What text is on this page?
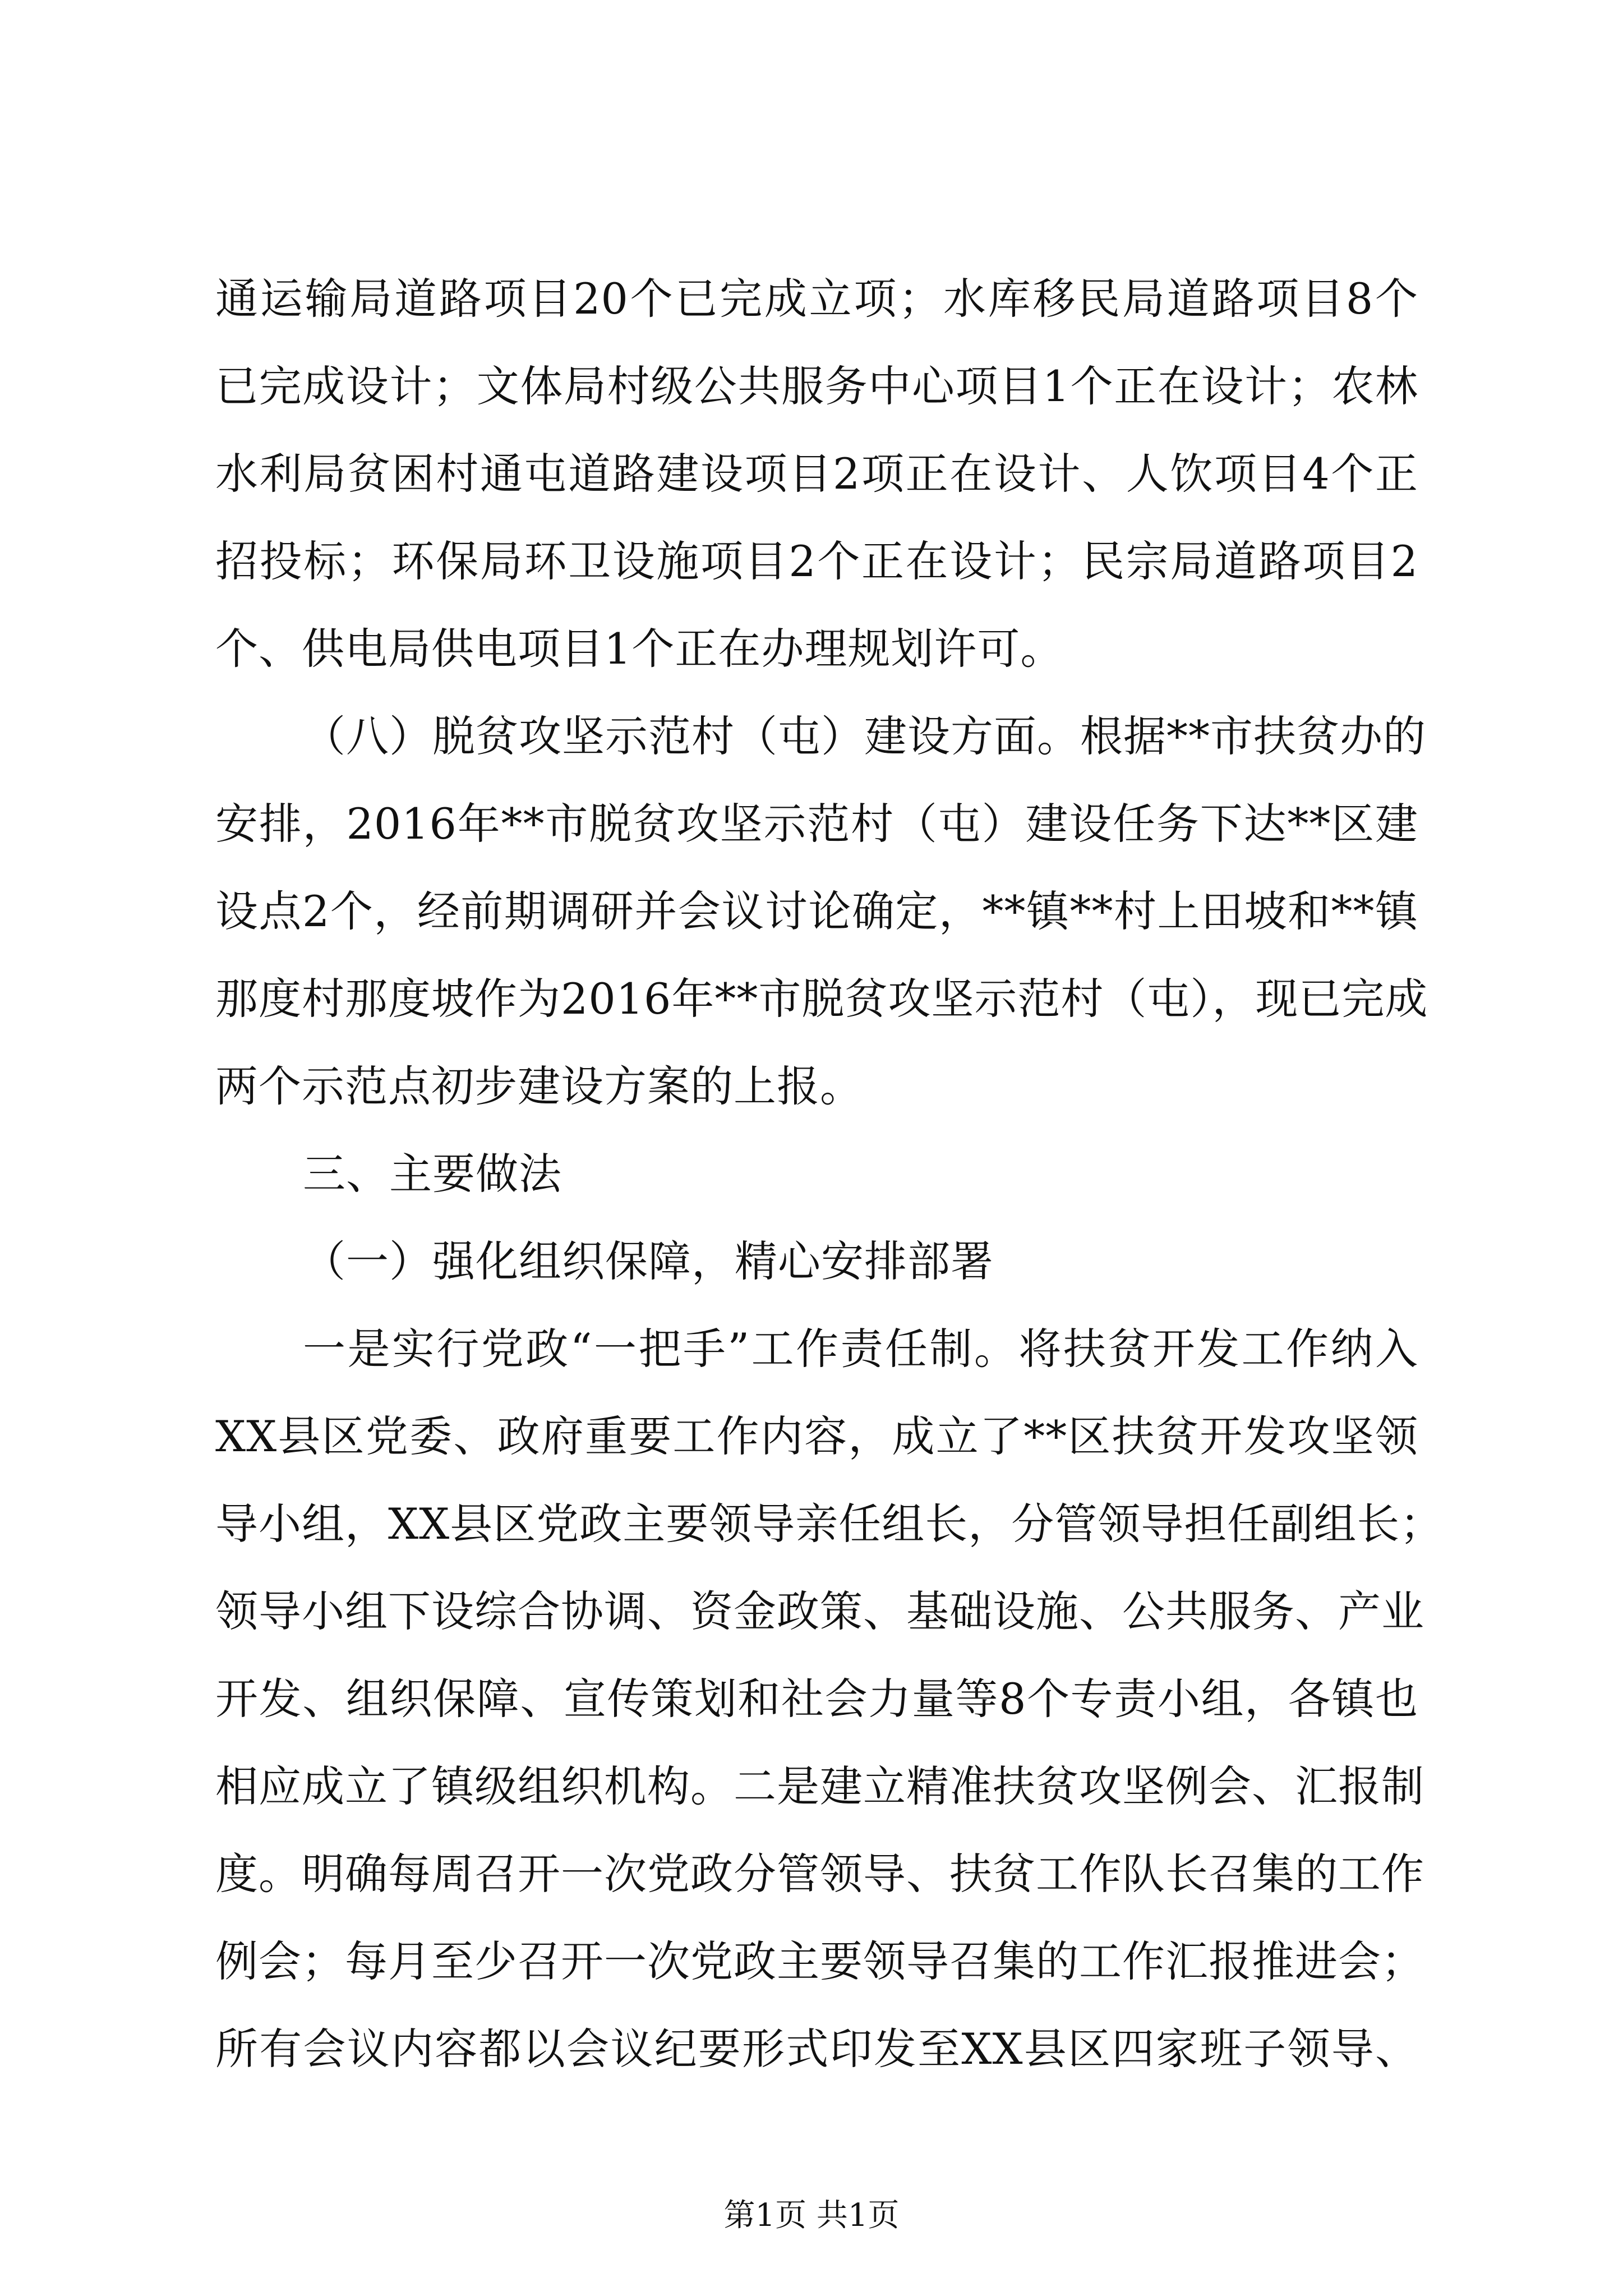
通运输局道路项目20个已完成立项；水库移民局道路项目8个
已完成设计；文体局村级公共服务中心项目1个正在设计；农林
水利局贫困村通屯道路建设项目2项正在设计、人饮项目4个正
招投标；环保局环卫设施项目2个正在设计；民宗局道路项目2
个、供电局供电项目1个正在办理规划许可。
（八）脱贫攻坚示范村（屯）建设方面。根据**市扶贫办的
安排，2016年**市脱贫攻坚示范村（屯）建设任务下达**区建
设点2个，经前期调研并会议讨论确定，**镇**村上田坡和**镇
那度村那度坡作为2016年**市脱贫攻坚示范村（屯），现已完成
两个示范点初步建设方案的上报。
三、主要做法
（一）强化组织保障，精心安排部署
一是实行党政“一把手”工作责任制。将扶贫开发工作纳入
XX县区党委、政府重要工作内容，成立了**区扶贫开发攻坚领
导小组，XX县区党政主要领导亲任组长，分管领导担任副组长；
领导小组下设综合协调、资金政策、基础设施、公共服务、产业
开发、组织保障、宣传策划和社会力量等8个专责小组，各镇也
相应成立了镇级组织机构。二是建立精准扶贫攻坚例会、汇报制
度。明确每周召开一次党政分管领导、扶贫工作队长召集的工作
例会；每月至少召开一次党政主要领导召集的工作汇报推进会；
所有会议内容都以会议纪要形式印发至XX县区四家班子领导、
第1页 共1页
